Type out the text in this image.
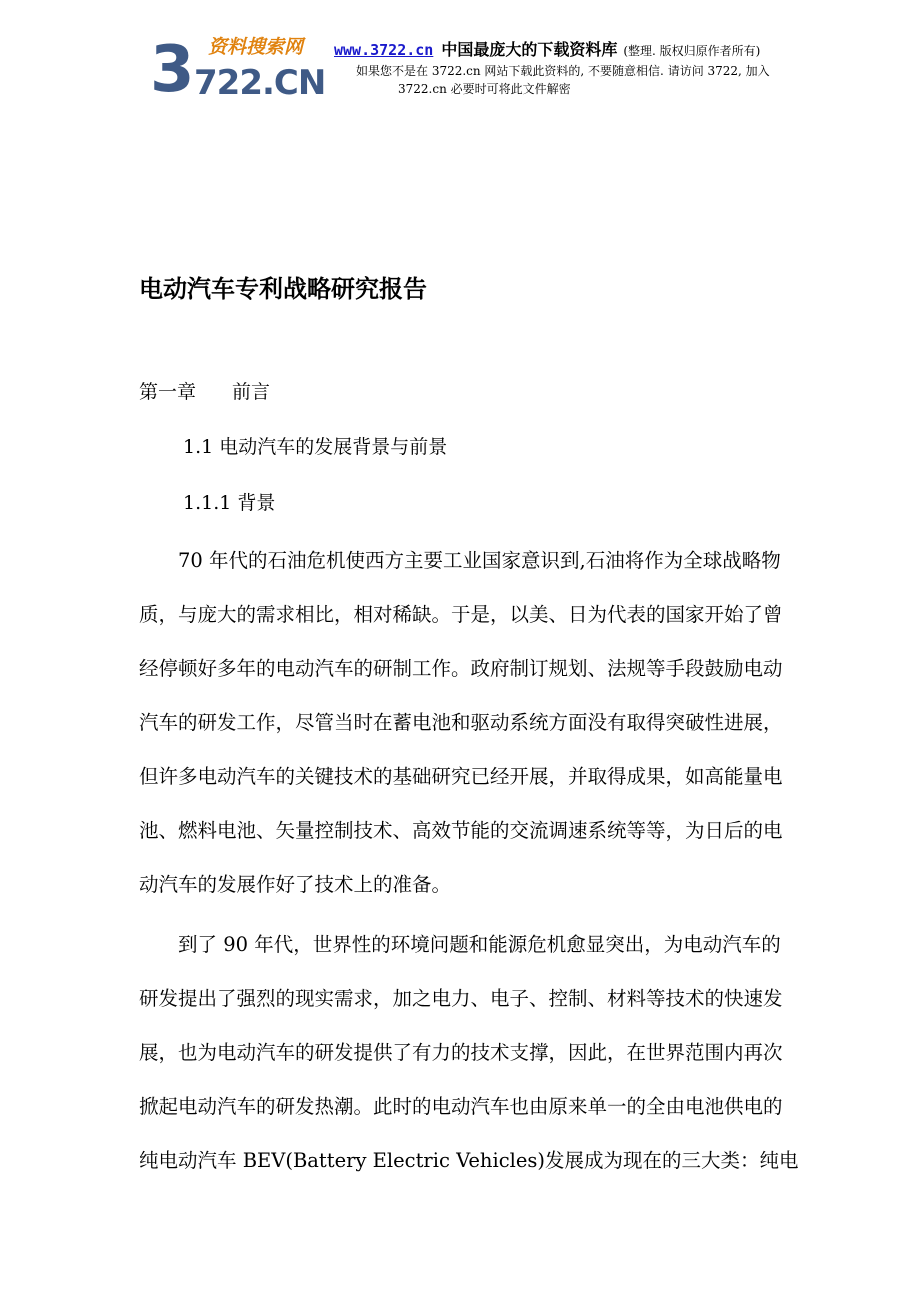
3 722.CN
资料搜索网 www.3722.cn 中国最庞大的下载资料库 (整理. 版权归原作者所有)
如果您不是在 3722.cn 网站下载此资料的, 不要随意相信. 请访问 3722, 加入
3722.cn 必要时可将此文件解密
电动汽车专利战略研究报告
第一章 前言
1.1 电动汽车的发展背景与前景
1.1.1 背景
　　70 年代的石油危机使西方主要工业国家意识到,石油将作为全球战略物
质，与庞大的需求相比，相对稀缺。于是，以美、日为代表的国家开始了曾
经停顿好多年的电动汽车的研制工作。政府制订规划、法规等手段鼓励电动
汽车的研发工作，尽管当时在蓄电池和驱动系统方面没有取得突破性进展，
但许多电动汽车的关键技术的基础研究已经开展，并取得成果，如高能量电
池、燃料电池、矢量控制技术、高效节能的交流调速系统等等，为日后的电
动汽车的发展作好了技术上的准备。
　　到了 90 年代，世界性的环境问题和能源危机愈显突出，为电动汽车的
研发提出了强烈的现实需求，加之电力、电子、控制、材料等技术的快速发
展，也为电动汽车的研发提供了有力的技术支撑，因此，在世界范围内再次
掀起电动汽车的研发热潮。此时的电动汽车也由原来单一的全由电池供电的
纯电动汽车 BEV(Battery Electric Vehicles)发展成为现在的三大类：纯电
